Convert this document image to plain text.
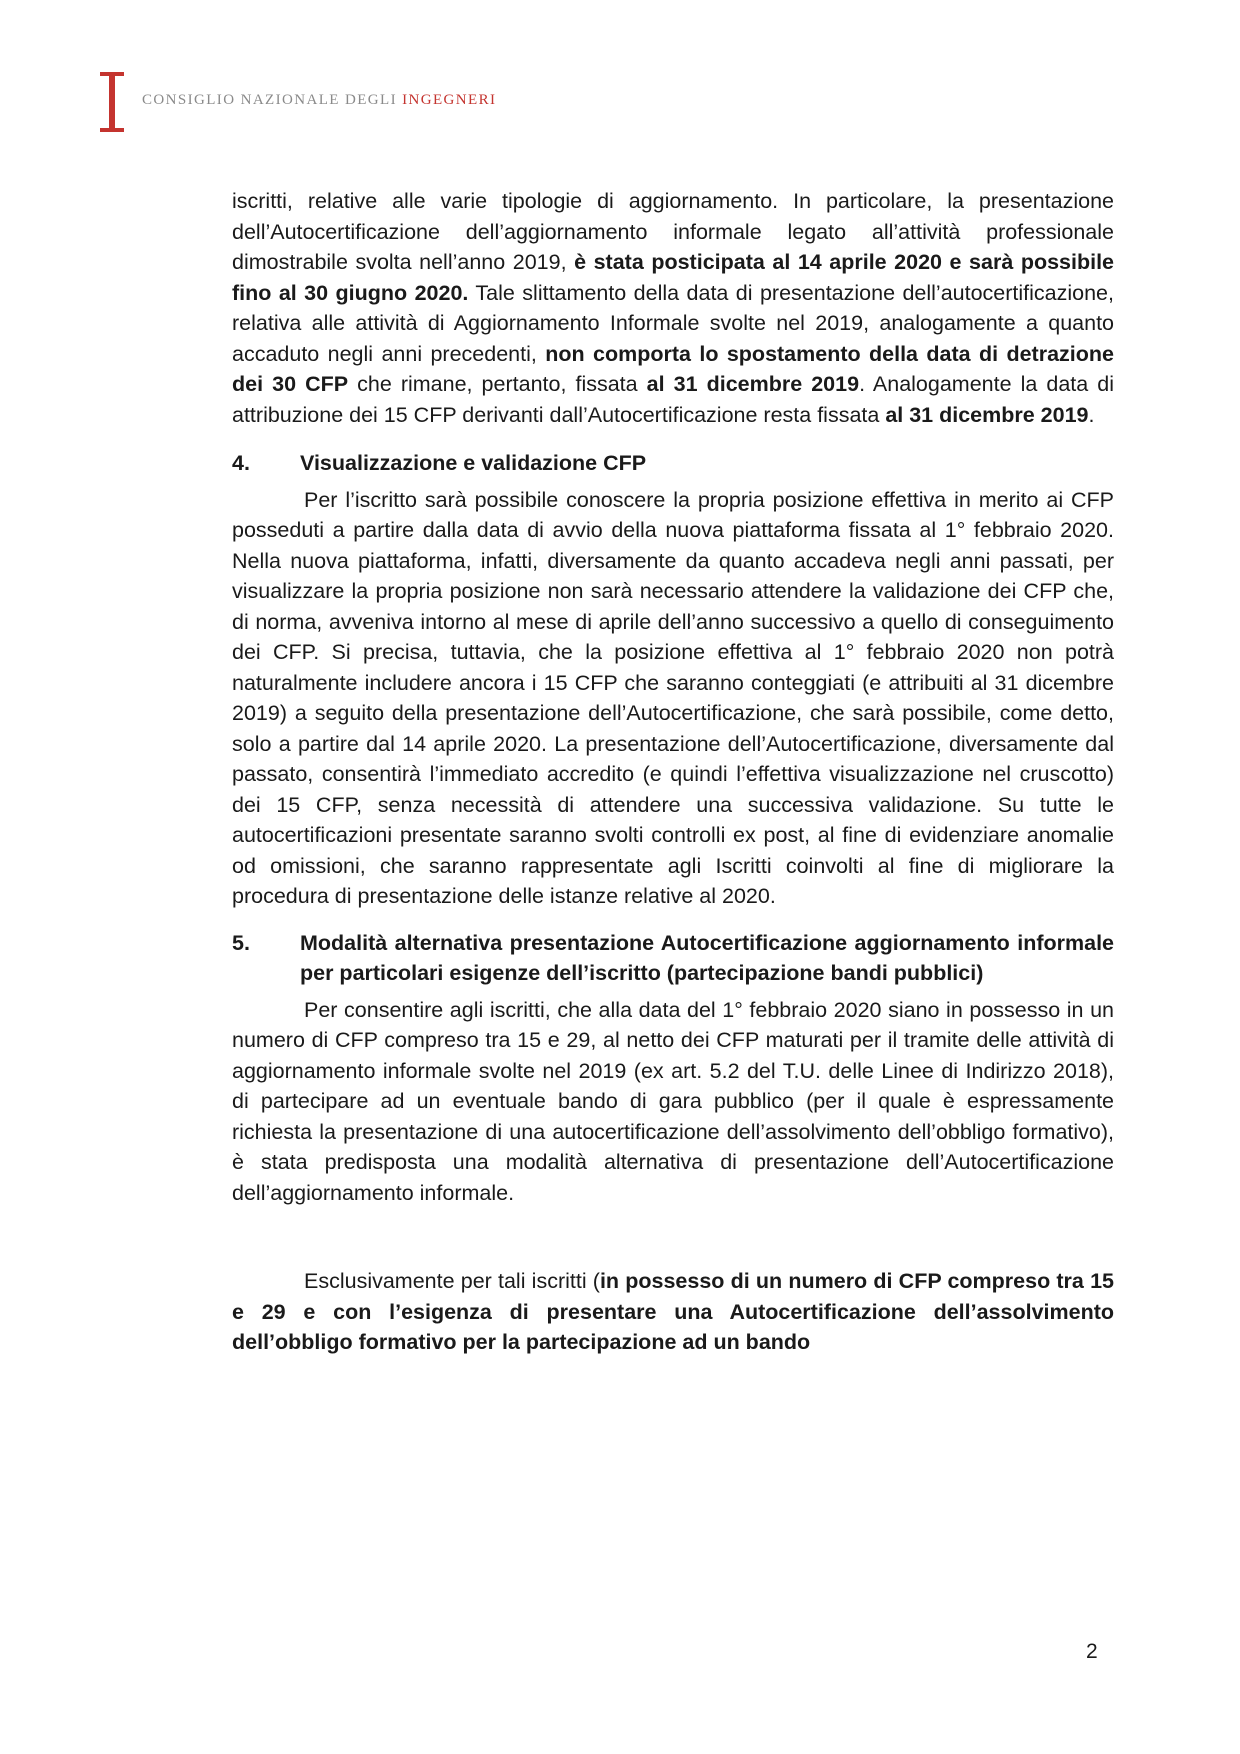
CONSIGLIO NAZIONALE DEGLI INGEGNERI

iscritti, relative alle varie tipologie di aggiornamento. In particolare, la presentazione dell’Autocertificazione dell’aggiornamento informale legato all’attività professionale dimostrabile svolta nell’anno 2019, è stata posticipata al 14 aprile 2020 e sarà possibile fino al 30 giugno 2020. Tale slittamento della data di presentazione dell’autocertificazione, relativa alle attività di Aggiornamento Informale svolte nel 2019, analogamente a quanto accaduto negli anni precedenti, non comporta lo spostamento della data di detrazione dei 30 CFP che rimane, pertanto, fissata al 31 dicembre 2019. Analogamente la data di attribuzione dei 15 CFP derivanti dall’Autocertificazione resta fissata al 31 dicembre 2019.

4.	Visualizzazione e validazione CFP

Per l’iscritto sarà possibile conoscere la propria posizione effettiva in merito ai CFP posseduti a partire dalla data di avvio della nuova piattaforma fissata al 1° febbraio 2020. Nella nuova piattaforma, infatti, diversamente da quanto accadeva negli anni passati, per visualizzare la propria posizione non sarà necessario attendere la validazione dei CFP che, di norma, avveniva intorno al mese di aprile dell’anno successivo a quello di conseguimento dei CFP. Si precisa, tuttavia, che la posizione effettiva al 1° febbraio 2020 non potrà naturalmente includere ancora i 15 CFP che saranno conteggiati (e attribuiti al 31 dicembre 2019) a seguito della presentazione dell’Autocertificazione, che sarà possibile, come detto, solo a partire dal 14 aprile 2020. La presentazione dell’Autocertificazione, diversamente dal passato, consentirà l’immediato accredito (e quindi l’effettiva visualizzazione nel cruscotto) dei 15 CFP, senza necessità di attendere una successiva validazione. Su tutte le autocertificazioni presentate saranno svolti controlli ex post, al fine di evidenziare anomalie od omissioni, che saranno rappresentate agli Iscritti coinvolti al fine di migliorare la procedura di presentazione delle istanze relative al 2020.

5.	Modalità alternativa presentazione Autocertificazione aggiornamento informale per particolari esigenze dell’iscritto (partecipazione bandi pubblici)

Per consentire agli iscritti, che alla data del 1° febbraio 2020 siano in possesso in un numero di CFP compreso tra 15 e 29, al netto dei CFP maturati per il tramite delle attività di aggiornamento informale svolte nel 2019 (ex art. 5.2 del T.U. delle Linee di Indirizzo 2018), di partecipare ad un eventuale bando di gara pubblico (per il quale è espressamente richiesta la presentazione di una autocertificazione dell’assolvimento dell’obbligo formativo), è stata predisposta una modalità alternativa di presentazione dell’Autocertificazione dell’aggiornamento informale.

Esclusivamente per tali iscritti (in possesso di un numero di CFP compreso tra 15 e 29 e con l’esigenza di presentare una Autocertificazione dell’assolvimento dell’obbligo formativo per la partecipazione ad un bando

2
